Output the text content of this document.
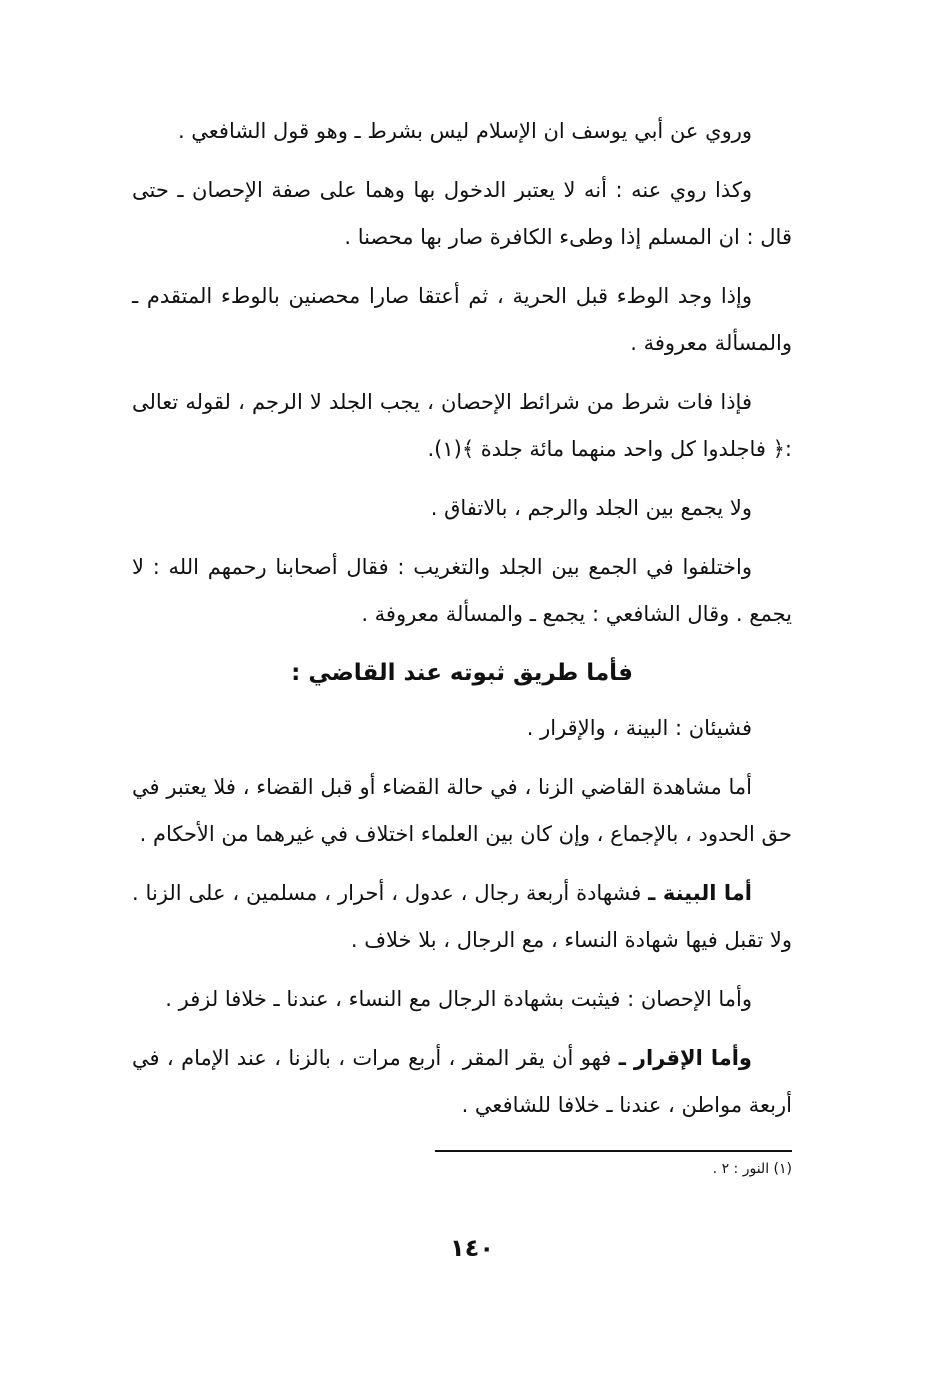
وروي عن أبي يوسف ان الإسلام ليس بشرط ـ وهو قول الشافعي .

وكذا روي عنه : أنه لا يعتبر الدخول بها وهما على صفة الإحصان ـ حتى قال : ان المسلم إذا وطىء الكافرة صار بها محصنا .

وإذا وجد الوطء قبل الحرية ، ثم أعتقا صارا محصنين بالوطء المتقدم ـ والمسألة معروفة .

فإذا فات شرط من شرائط الإحصان ، يجب الجلد لا الرجم ، لقوله تعالى :﴿ فاجلدوا كل واحد منهما مائة جلدة ﴾(١).

ولا يجمع بين الجلد والرجم ، بالاتفاق .

واختلفوا في الجمع بين الجلد والتغريب : فقال أصحابنا رحمهم الله : لا يجمع . وقال الشافعي : يجمع ـ والمسألة معروفة .

فأما طريق ثبوته عند القاضي :

فشيئان : البينة ، والإقرار .

أما مشاهدة القاضي الزنا ، في حالة القضاء أو قبل القضاء ، فلا يعتبر في حق الحدود ، بالإجماع ، وإن كان بين العلماء اختلاف في غيرهما من الأحكام .

أما البينة ـ فشهادة أربعة رجال ، عدول ، أحرار ، مسلمين ، على الزنا . ولا تقبل فيها شهادة النساء ، مع الرجال ، بلا خلاف .

وأما الإحصان : فيثبت بشهادة الرجال مع النساء ، عندنا ـ خلافا لزفر .

وأما الإقرار ـ فهو أن يقر المقر ، أربع مرات ، بالزنا ، عند الإمام ، في أربعة مواطن ، عندنا ـ خلافا للشافعي .

(١) النور : ٢ .
١٤٠
